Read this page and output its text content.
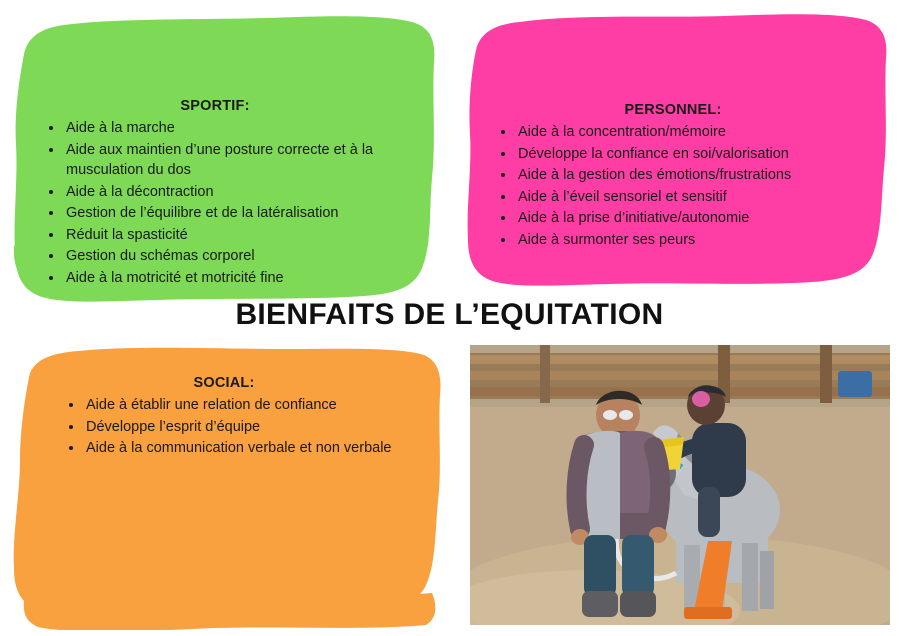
SPORTIF:

• Aide à la marche
• Aide aux maintien d’une posture correcte et à la musculation du dos
• Aide à la décontraction
• Gestion de l’équilibre et de la latéralisation
• Réduit la spasticité
• Gestion du schémas corporel
• Aide à la motricité et motricité fine

PERSONNEL:

• Aide à la concentration/mémoire
• Développe la confiance en soi/valorisation
• Aide à la gestion des émotions/frustrations
• Aide à l’éveil sensoriel et sensitif
• Aide à la prise d’initiative/autonomie
• Aide à surmonter ses peurs
BIENFAITS DE L’EQUITATION

SOCIAL:

• Aide à établir une relation de confiance
• Développe l’esprit d’équipe
• Aide à la communication verbale et non verbale
